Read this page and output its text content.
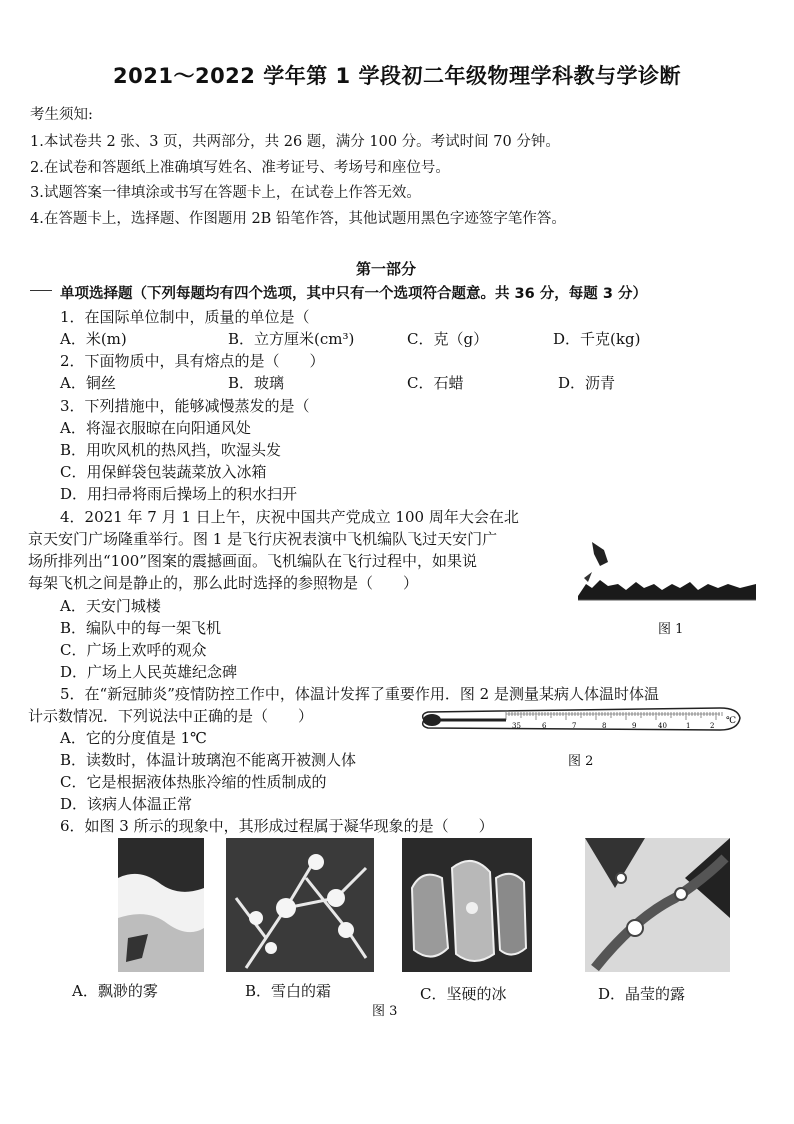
2021～2022 学年第 1 学段初二年级物理学科教与学诊断
考生须知:
1.本试卷共 2 张、3 页，共两部分，共 26 题，满分 100 分。考试时间 70 分钟。
2.在试卷和答题纸上准确填写姓名、准考证号、考场号和座位号。
3.试题答案一律填涂或书写在答题卡上，在试卷上作答无效。
4.在答题卡上，选择题、作图题用 2B 铅笔作答，其他试题用黑色字迹签字笔作答。
第一部分
单项选择题（下列每题均有四个选项，其中只有一个选项符合题意。共 36 分，每题 3 分）
1．在国际单位制中，质量的单位是（
A．米(m)	B．立方厘米(cm³)	C．克（g）	D．千克(kg)
2．下面物质中，具有熔点的是（　　）
A．铜丝	B．玻璃	C．石蜡	D．沥青
3．下列措施中，能够减慢蒸发的是（
A．将湿衣服晾在向阳通风处
B．用吹风机的热风挡，吹湿头发
C．用保鲜袋包装蔬菜放入冰箱
D．用扫帚将雨后操场上的积水扫开
4．2021 年 7 月 1 日上午，庆祝中国共产党成立 100 周年大会在北
京天安门广场隆重举行。图 1 是飞行庆祝表演中飞机编队飞过天安门广
场所排列出“100”图案的震撼画面。飞机编队在飞行过程中，如果说
每架飞机之间是静止的，那么此时选择的参照物是（　　）
A．天安门城楼
B．编队中的每一架飞机
C．广场上欢呼的观众
D．广场上人民英雄纪念碑
图 1
5．在“新冠肺炎”疫情防控工作中，体温计发挥了重要作用．图 2 是测量某病人体温时体温
计示数情况．下列说法中正确的是（　　）
A．它的分度值是 1℃
B．读数时，体温计玻璃泡不能离开被测人体
C．它是根据液体热胀冷缩的性质制成的
D．该病人体温正常
35	6	7	8	9	40	1	2 ℃
图 2
6．如图 3 所示的现象中，其形成过程属于凝华现象的是（　　）
A．飘渺的雾	B．雪白的霜	C．坚硬的冰	D．晶莹的露
图 3
